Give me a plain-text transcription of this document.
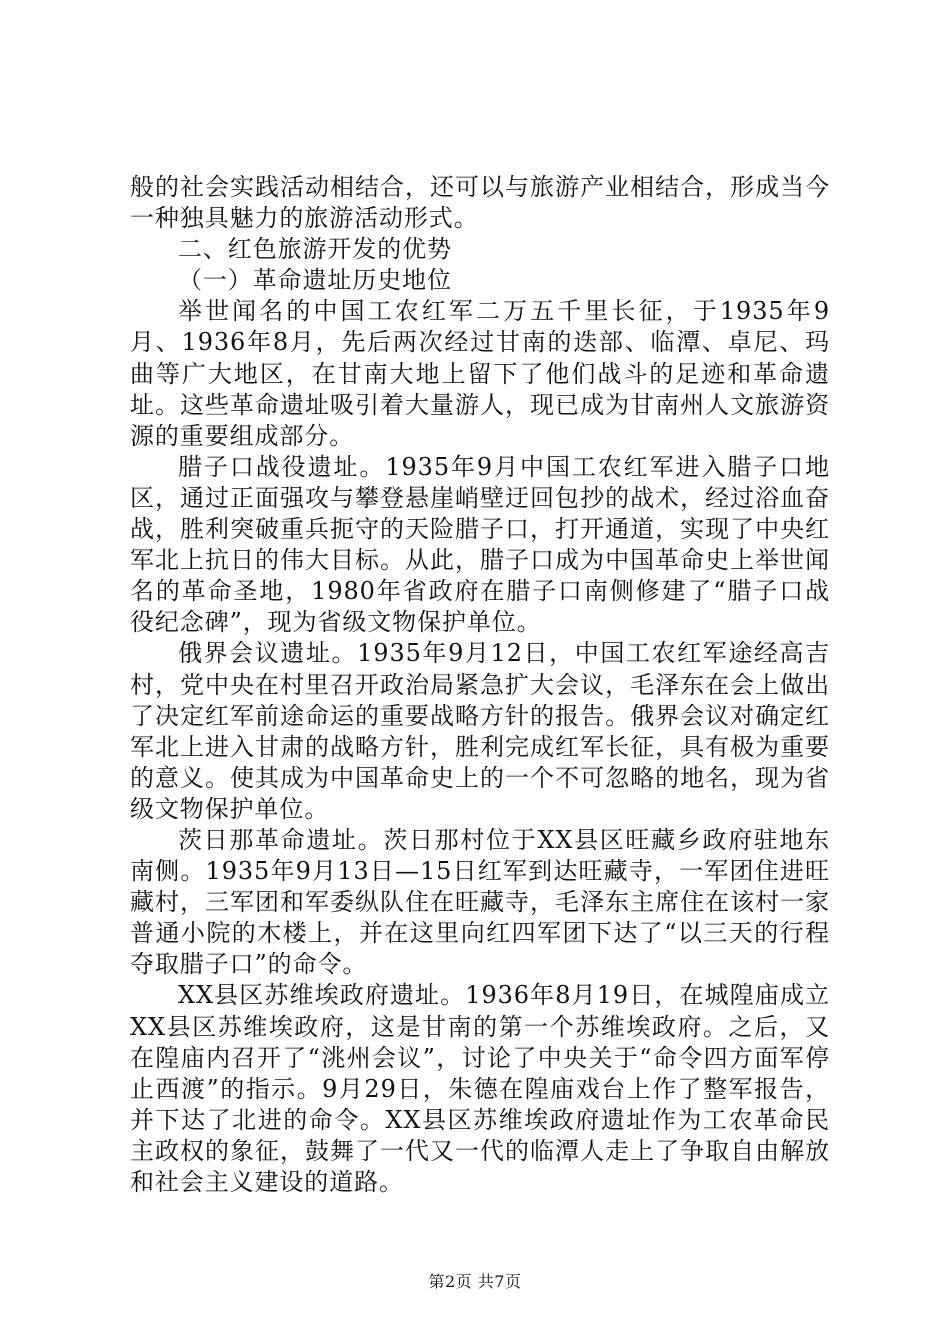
般的社会实践活动相结合，还可以与旅游产业相结合，形成当今一种独具魅力的旅游活动形式。

二、红色旅游开发的优势

（一）革命遗址历史地位

举世闻名的中国工农红军二万五千里长征，于1935年9月、1936年8月，先后两次经过甘南的迭部、临潭、卓尼、玛曲等广大地区，在甘南大地上留下了他们战斗的足迹和革命遗址。这些革命遗址吸引着大量游人，现已成为甘南州人文旅游资源的重要组成部分。

腊子口战役遗址。1935年9月中国工农红军进入腊子口地区，通过正面强攻与攀登悬崖峭壁迂回包抄的战术，经过浴血奋战，胜利突破重兵扼守的天险腊子口，打开通道，实现了中央红军北上抗日的伟大目标。从此，腊子口成为中国革命史上举世闻名的革命圣地，1980年省政府在腊子口南侧修建了“腊子口战役纪念碑”，现为省级文物保护单位。

俄界会议遗址。1935年9月12日，中国工农红军途经高吉村，党中央在村里召开政治局紧急扩大会议，毛泽东在会上做出了决定红军前途命运的重要战略方针的报告。俄界会议对确定红军北上进入甘肃的战略方针，胜利完成红军长征，具有极为重要的意义。使其成为中国革命史上的一个不可忽略的地名，现为省级文物保护单位。

茨日那革命遗址。茨日那村位于XX县区旺藏乡政府驻地东南侧。1935年9月13日—15日红军到达旺藏寺，一军团住进旺藏村，三军团和军委纵队住在旺藏寺，毛泽东主席住在该村一家普通小院的木楼上，并在这里向红四军团下达了“以三天的行程夺取腊子口”的命令。

XX县区苏维埃政府遗址。1936年8月19日，在城隍庙成立XX县区苏维埃政府，这是甘南的第一个苏维埃政府。之后，又在隍庙内召开了“洮州会议”，讨论了中央关于“命令四方面军停止西渡”的指示。9月29日，朱德在隍庙戏台上作了整军报告，并下达了北进的命令。XX县区苏维埃政府遗址作为工农革命民主政权的象征，鼓舞了一代又一代的临潭人走上了争取自由解放和社会主义建设的道路。

第2页 共7页
